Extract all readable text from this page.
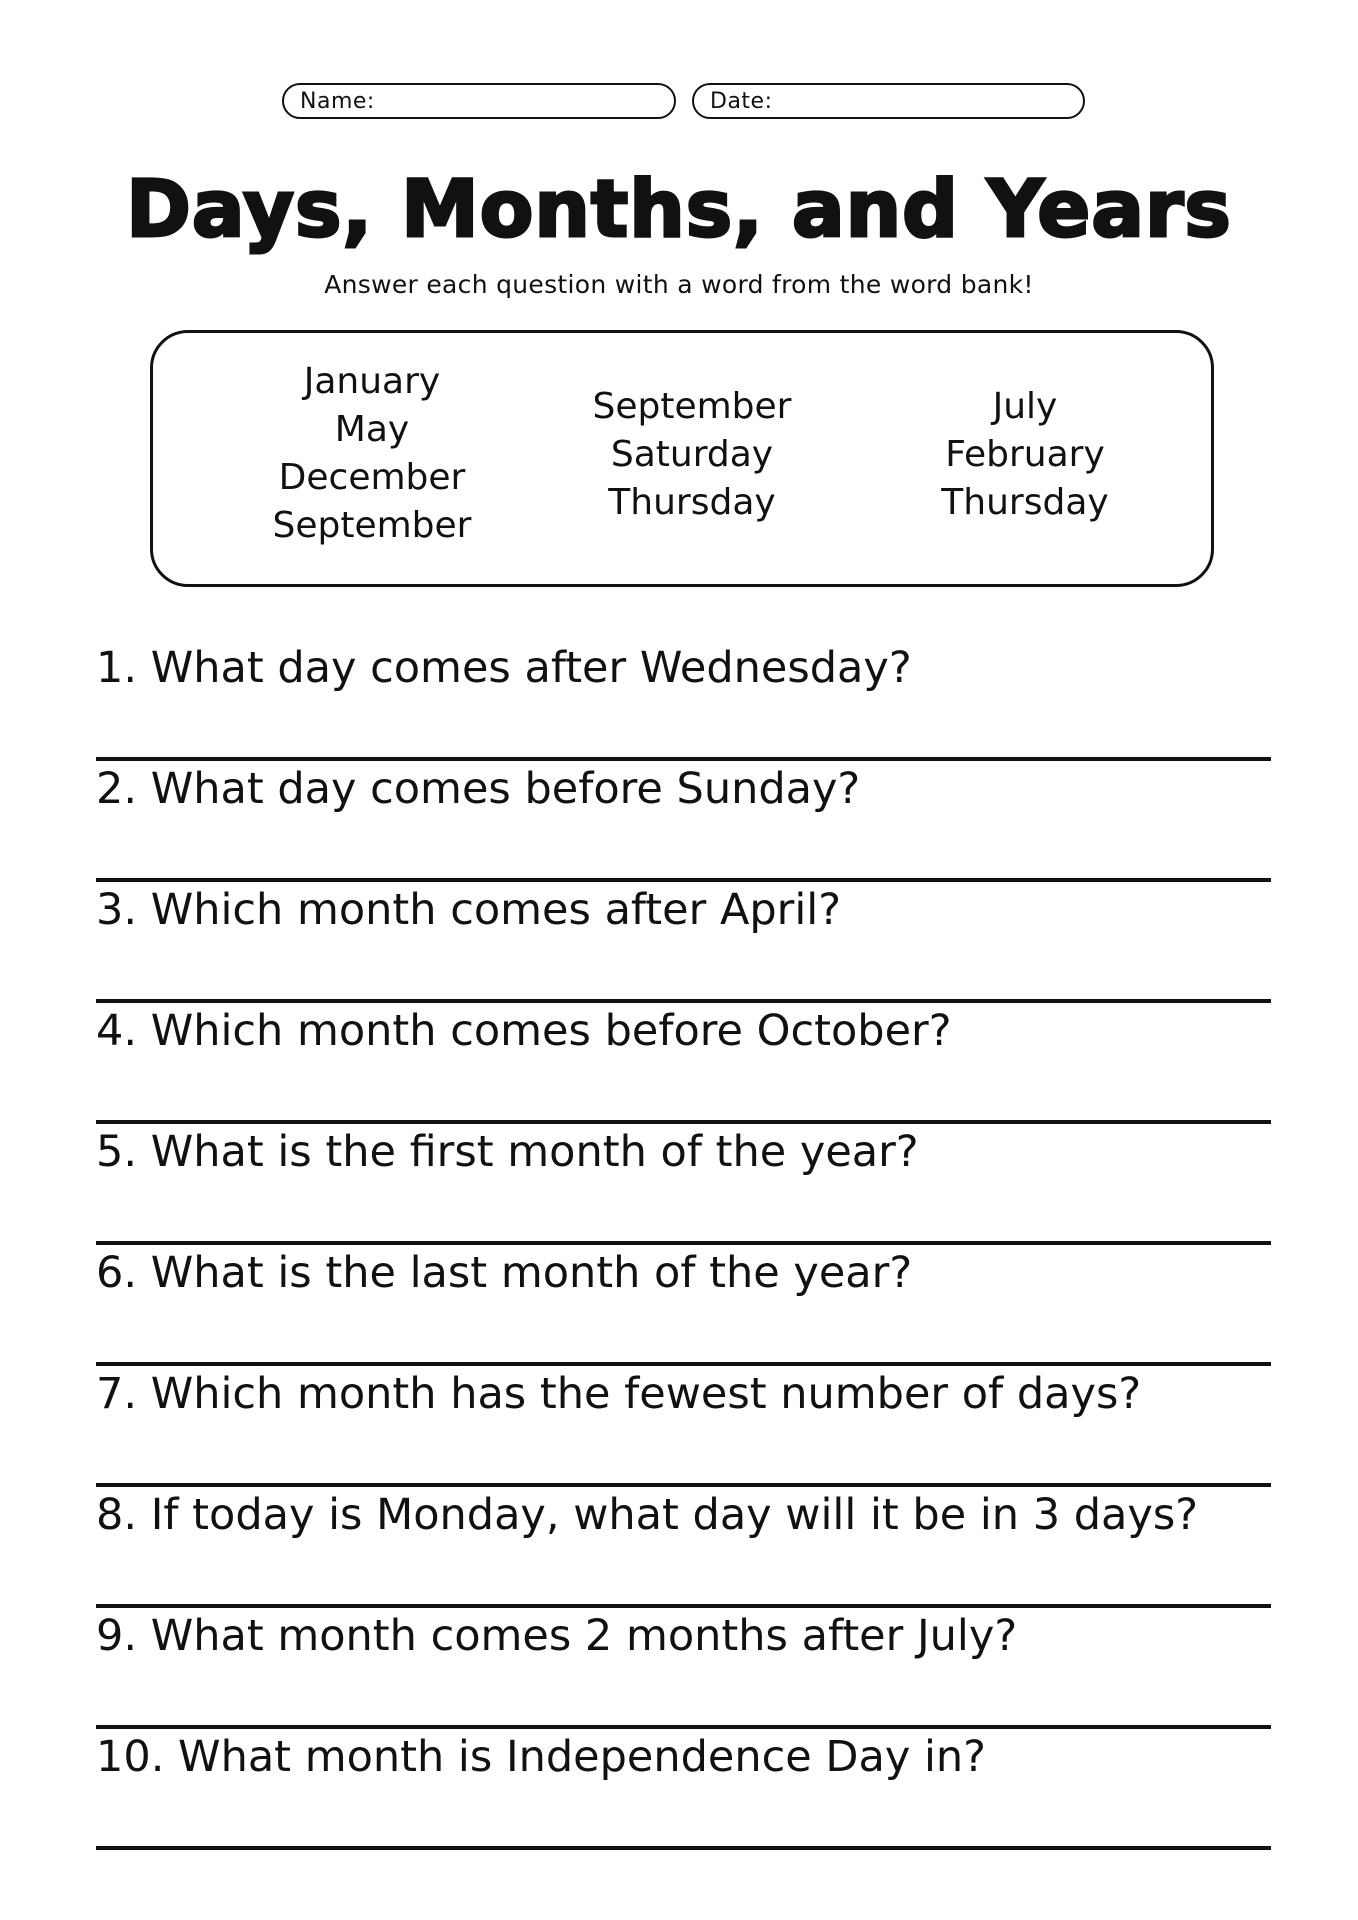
Name:	Date:
Days, Months, and Years
Answer each question with a word from the word bank!
January
May
December
September
September
Saturday
Thursday
July
February
Thursday
1. What day comes after Wednesday?
2. What day comes before Sunday?
3. Which month comes after April?
4. Which month comes before October?
5. What is the first month of the year?
6. What is the last month of the year?
7. Which month has the fewest number of days?
8. If today is Monday, what day will it be in 3 days?
9. What month comes 2 months after July?
10. What month is Independence Day in?
